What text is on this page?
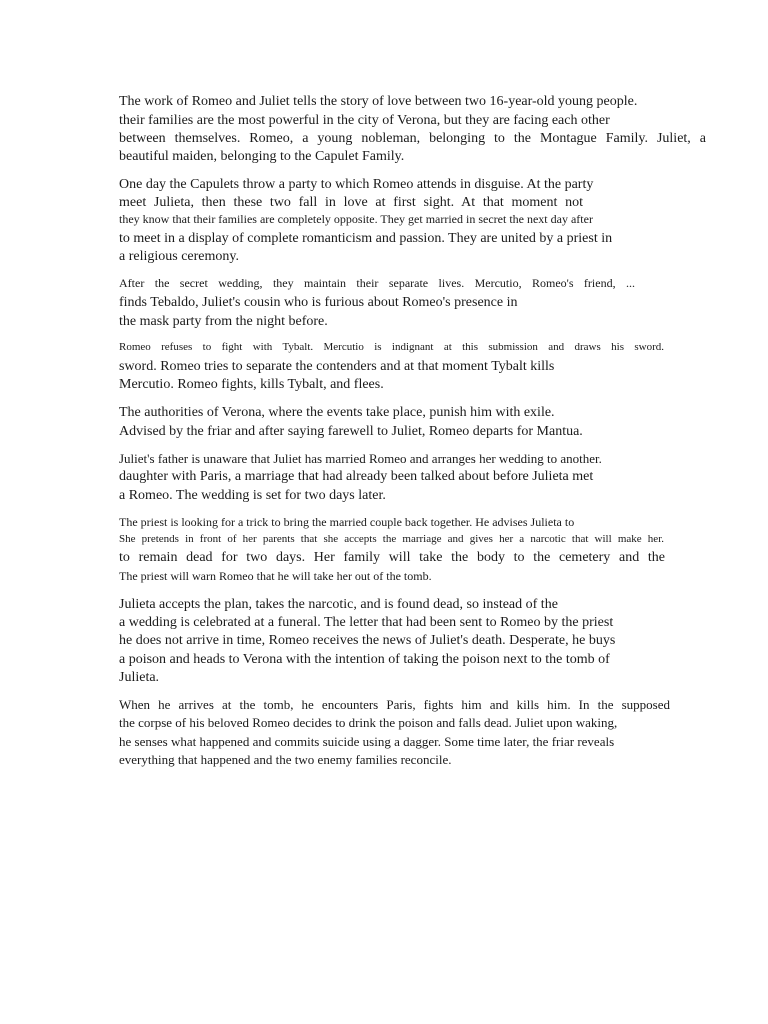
The work of Romeo and Juliet tells the story of love between two 16-year-old young people.

their families are the most powerful in the city of Verona, but they are facing each other

between themselves. Romeo, a young nobleman, belonging to the Montague Family. Juliet, a

beautiful maiden, belonging to the Capulet Family.

One day the Capulets throw a party to which Romeo attends in disguise. At the party

meet Julieta, then these two fall in love at first sight. At that moment not

they know that their families are completely opposite. They get married in secret the next day after

to meet in a display of complete romanticism and passion. They are united by a priest in

a religious ceremony.

After the secret wedding, they maintain their separate lives. Mercutio, Romeo's friend, ...

finds Tebaldo, Juliet's cousin who is furious about Romeo's presence in

the mask party from the night before.

Romeo refuses to fight with Tybalt. Mercutio is indignant at this submission and draws his sword.

sword. Romeo tries to separate the contenders and at that moment Tybalt kills

Mercutio. Romeo fights, kills Tybalt, and flees.

The authorities of Verona, where the events take place, punish him with exile.

Advised by the friar and after saying farewell to Juliet, Romeo departs for Mantua.

Juliet's father is unaware that Juliet has married Romeo and arranges her wedding to another.

daughter with Paris, a marriage that had already been talked about before Julieta met

a Romeo. The wedding is set for two days later.

The priest is looking for a trick to bring the married couple back together. He advises Julieta to

She pretends in front of her parents that she accepts the marriage and gives her a narcotic that will make her.

to remain dead for two days. Her family will take the body to the cemetery and the

The priest will warn Romeo that he will take her out of the tomb.

Julieta accepts the plan, takes the narcotic, and is found dead, so instead of the

a wedding is celebrated at a funeral. The letter that had been sent to Romeo by the priest

he does not arrive in time, Romeo receives the news of Juliet's death. Desperate, he buys

a poison and heads to Verona with the intention of taking the poison next to the tomb of

Julieta.

When he arrives at the tomb, he encounters Paris, fights him and kills him. In the supposed

the corpse of his beloved Romeo decides to drink the poison and falls dead. Juliet upon waking,

he senses what happened and commits suicide using a dagger. Some time later, the friar reveals

everything that happened and the two enemy families reconcile.
